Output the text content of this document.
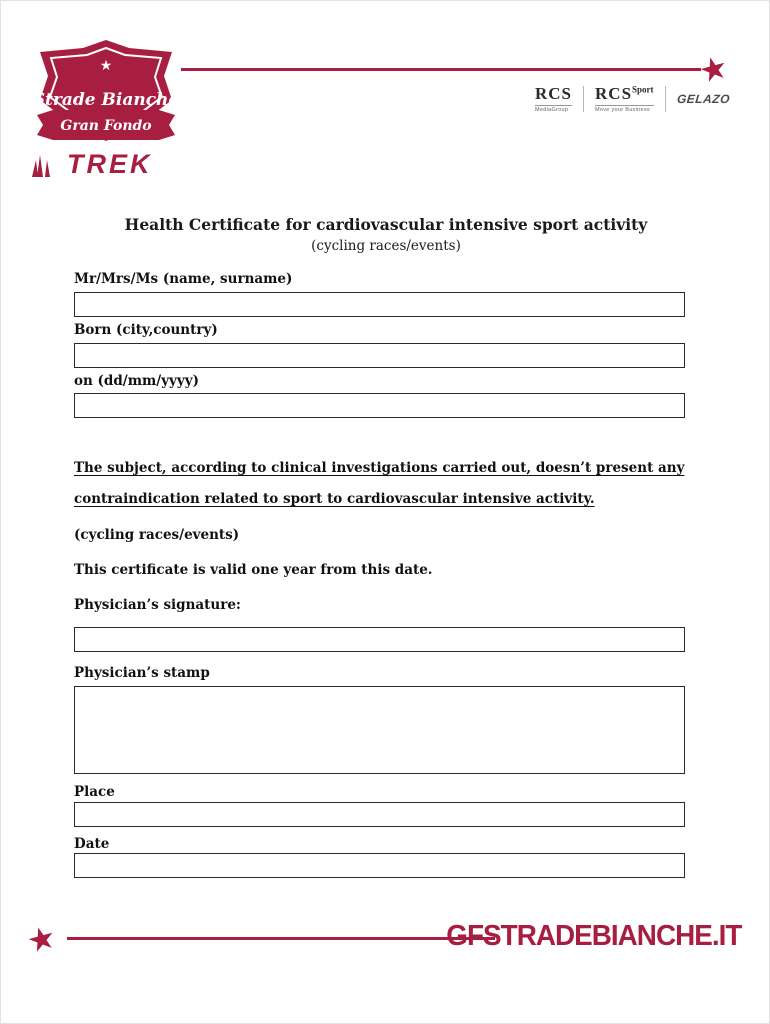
★
Strade Bianche
Gran Fondo
TREK
★
RCS
MediaGroup
$RCS^{Sport}$
Move your Business
GELAZO
Health Certificate for cardiovascular intensive sport activity
(cycling races/events)
Mr/Mrs/Ms (name, surname)
Born (city,country)
on (dd/mm/yyyy)
The subject, according to clinical investigations carried out, doesn’t present any
contraindication related to sport to cardiovascular intensive activity.
(cycling races/events)
This certificate is valid one year from this date.
Physician’s signature:
Physician’s stamp
Place
Date
★	GFSTRADEBIANCHE.IT
